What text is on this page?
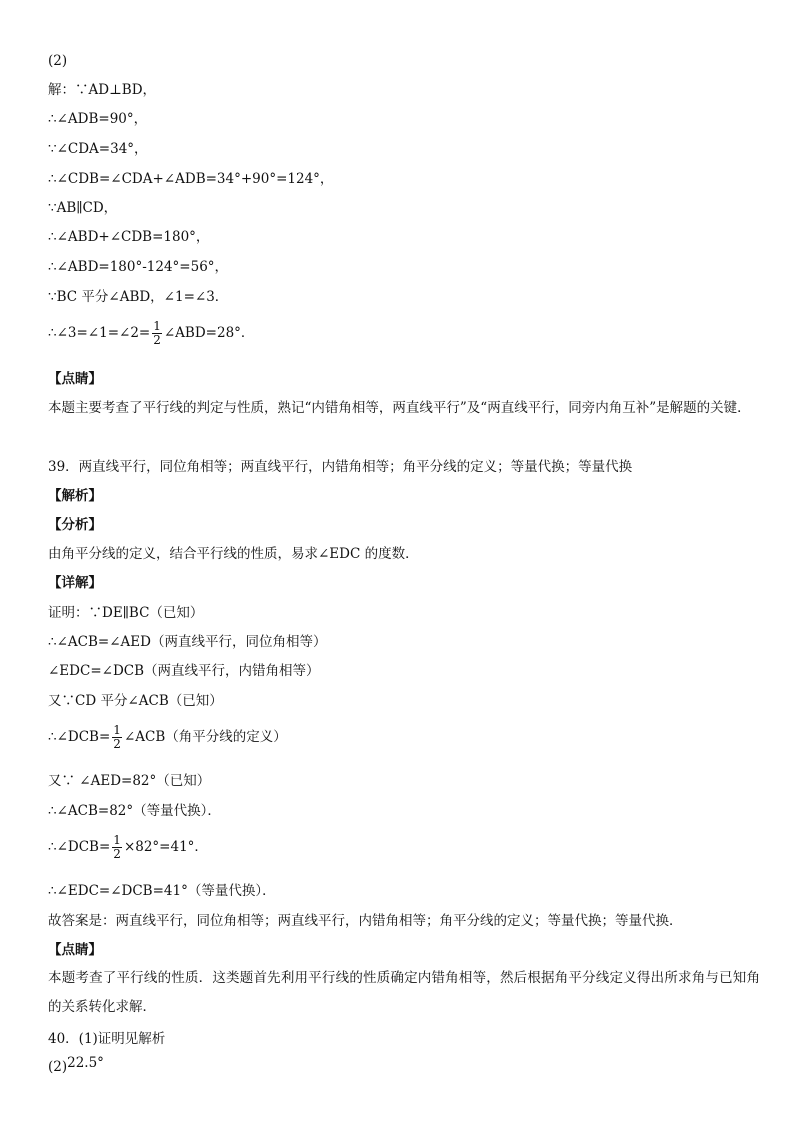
(2)
解：∵AD⊥BD，
∴∠ADB=90°，
∵∠CDA=34°，
∴∠CDB=∠CDA+∠ADB=34°+90°=124°，
∵AB∥CD，
∴∠ABD+∠CDB=180°，
∴∠ABD=180°-124°=56°，
∵BC 平分∠ABD，∠1=∠3．
∴∠3=∠1=∠2= $\frac{1}{2}$ ∠ABD=28°．
【点睛】
本题主要考查了平行线的判定与性质，熟记“内错角相等，两直线平行”及“两直线平行，同旁内角互补”是解题的关键．
39．两直线平行，同位角相等；两直线平行，内错角相等；角平分线的定义；等量代换；等量代换
【解析】
【分析】
由角平分线的定义，结合平行线的性质，易求∠EDC 的度数．
【详解】
证明：∵DE∥BC（已知）
∴∠ACB=∠AED（两直线平行，同位角相等）
∠EDC=∠DCB（两直线平行，内错角相等）
又∵CD 平分∠ACB（已知）
∴∠DCB= $\frac{1}{2}$ ∠ACB（角平分线的定义）
又∵ ∠AED=82°（已知）
∴∠ACB=82°（等量代换）．
∴∠DCB= $\frac{1}{2} \times 82^\circ=41^\circ$．
∴∠EDC=∠DCB=41°（等量代换）．
故答案是：两直线平行，同位角相等；两直线平行，内错角相等；角平分线的定义；等量代换；等量代换．
【点睛】
本题考查了平行线的性质．这类题首先利用平行线的性质确定内错角相等，然后根据角平分线定义得出所求角与已知角的关系转化求解．
40．(1)证明见解析
(2)22.5°
